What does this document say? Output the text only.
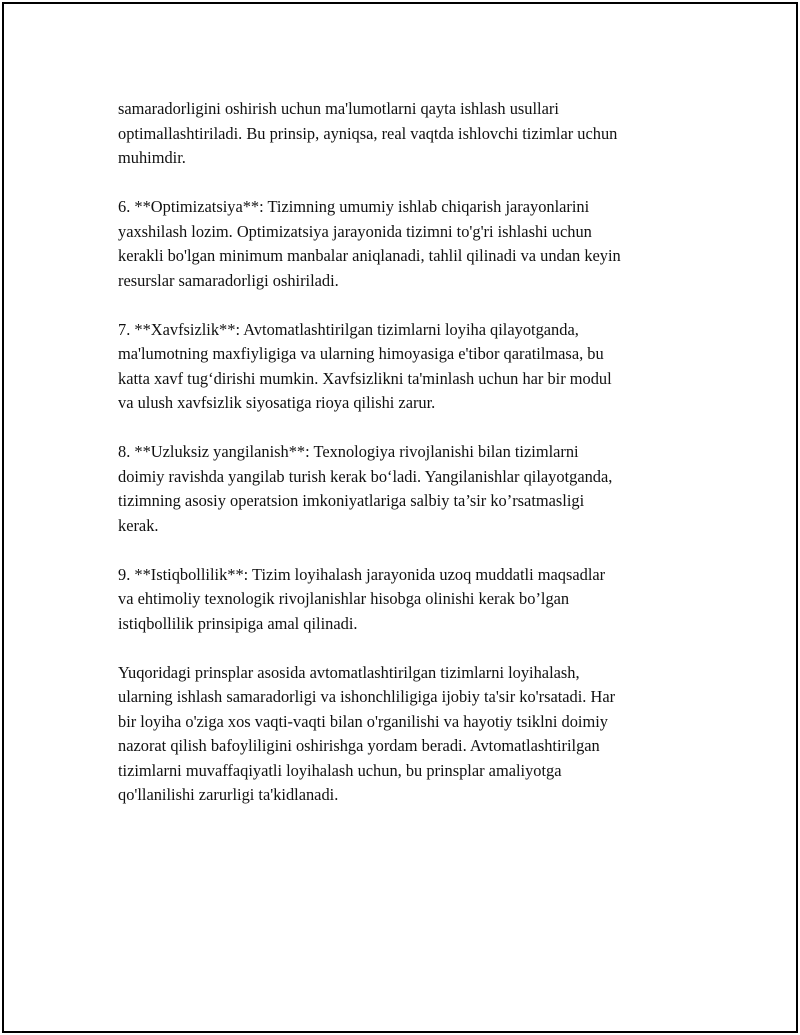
samaradorligini oshirish uchun ma'lumotlarni qayta ishlash usullari
optimallashtiriladi. Bu prinsip, ayniqsa, real vaqtda ishlovchi tizimlar uchun
muhimdir.

6. **Optimizatsiya**: Tizimning umumiy ishlab chiqarish jarayonlarini
yaxshilash lozim. Optimizatsiya jarayonida tizimni to'g'ri ishlashi uchun
kerakli bo'lgan minimum manbalar aniqlanadi, tahlil qilinadi va undan keyin
resurslar samaradorligi oshiriladi.

7. **Xavfsizlik**: Avtomatlashtirilgan tizimlarni loyiha qilayotganda,
ma'lumotning maxfiyligiga va ularning himoyasiga e'tibor qaratilmasa, bu
katta xavf tug‘dirishi mumkin. Xavfsizlikni ta'minlash uchun har bir modul
va ulush xavfsizlik siyosatiga rioya qilishi zarur.

8. **Uzluksiz yangilanish**: Texnologiya rivojlanishi bilan tizimlarni
doimiy ravishda yangilab turish kerak bo‘ladi. Yangilanishlar qilayotganda,
tizimning asosiy operatsion imkoniyatlariga salbiy ta’sir ko’rsatmasligi
kerak.

9. **Istiqbollilik**: Tizim loyihalash jarayonida uzoq muddatli maqsadlar
va ehtimoliy texnologik rivojlanishlar hisobga olinishi kerak bo’lgan
istiqbollilik prinsipiga amal qilinadi.

Yuqoridagi prinsplar asosida avtomatlashtirilgan tizimlarni loyihalash,
ularning ishlash samaradorligi va ishonchliligiga ijobiy ta'sir ko'rsatadi. Har
bir loyiha o'ziga xos vaqti-vaqti bilan o'rganilishi va hayotiy tsiklni doimiy
nazorat qilish bafoyliligini oshirishga yordam beradi. Avtomatlashtirilgan
tizimlarni muvaffaqiyatli loyihalash uchun, bu prinsplar amaliyotga
qo'llanilishi zarurligi ta'kidlanadi.
